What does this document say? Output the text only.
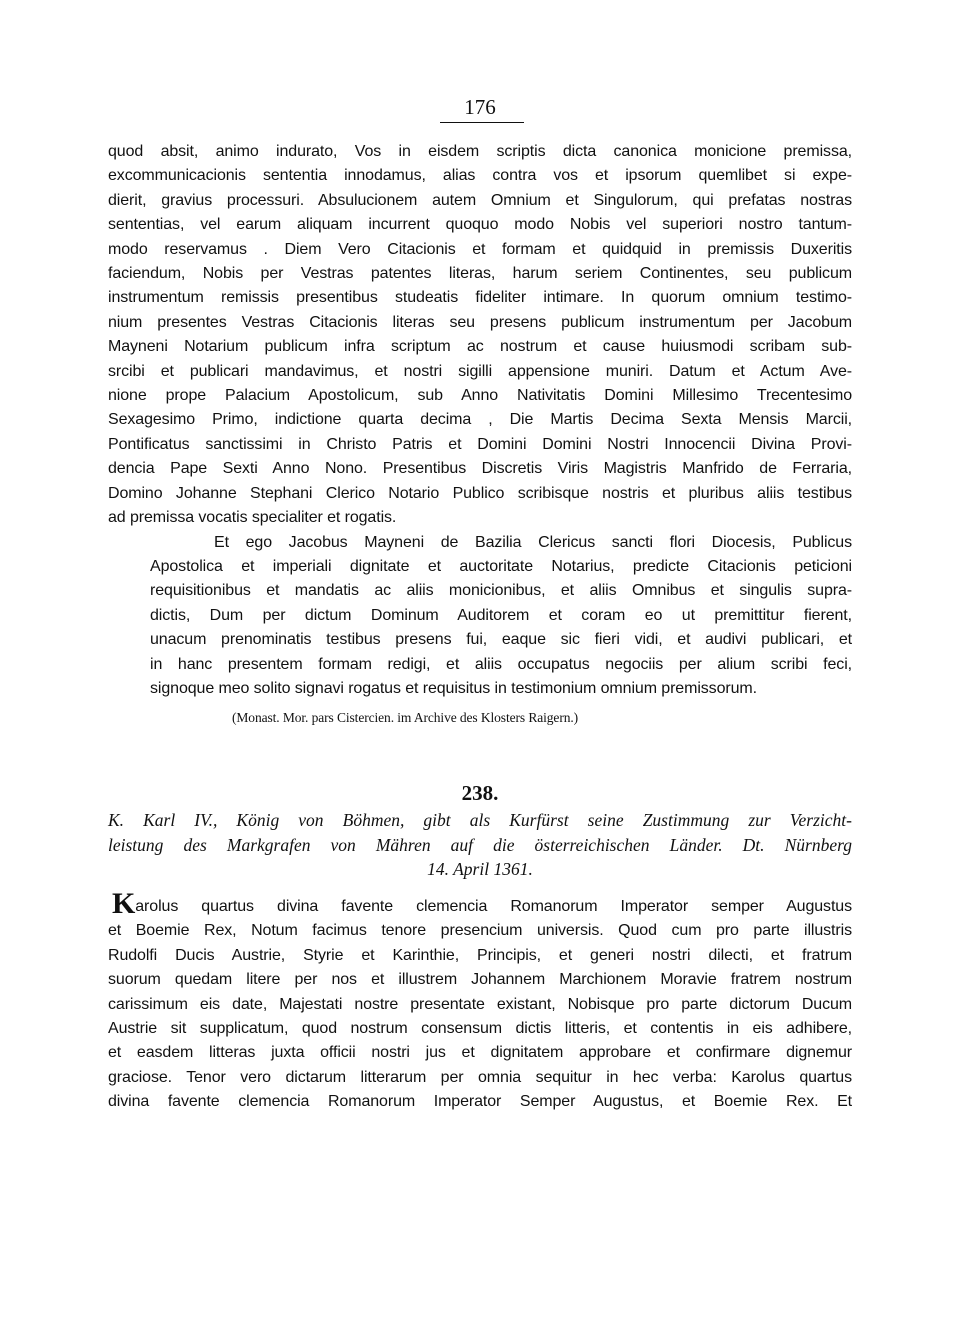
176
quod absit, animo indurato, Vos in eisdem scriptis dicta canonica monicione premissa,
excommunicacionis sententia innodamus, alias contra vos et ipsorum quemlibet si expe-
dierit, gravius processuri. Absulucionem autem Omnium et Singulorum, qui prefatas nostras
sententias, vel earum aliquam incurrent quoquo modo Nobis vel superiori nostro tantum-
modo reservamus . Diem Vero Citacionis et formam et quidquid in premissis Duxeritis
faciendum, Nobis per Vestras patentes literas, harum seriem Continentes, seu publicum
instrumentum remissis presentibus studeatis fideliter intimare. In quorum omnium testimo-
nium presentes Vestras Citacionis literas seu presens publicum instrumentum per Jacobum
Mayneni Notarium publicum infra scriptum ac nostrum et cause huiusmodi scribam sub-
srcibi et publicari mandavimus, et nostri sigilli appensione muniri. Datum et Actum Ave-
nione prope Palacium Apostolicum, sub Anno Nativitatis Domini Millesimo Trecentesimo
Sexagesimo Primo, indictione quarta decima , Die Martis Decima Sexta Mensis Marcii,
Pontificatus sanctissimi in Christo Patris et Domini Domini Nostri Innocencii Divina Provi-
dencia Pape Sexti Anno Nono. Presentibus Discretis Viris Magistris Manfrido de Ferraria,
Domino Johanne Stephani Clerico Notario Publico scribisque nostris et pluribus aliis testibus
ad premissa vocatis specialiter et rogatis.
Et ego Jacobus Mayneni de Bazilia Clericus sancti flori Diocesis, Publicus
Apostolica et imperiali dignitate et auctoritate Notarius, predicte Citacionis peticioni
requisitionibus et mandatis ac aliis monicionibus, et aliis Omnibus et singulis supra-
dictis, Dum per dictum Dominum Auditorem et coram eo ut premittitur fierent,
unacum prenominatis testibus presens fui, eaque sic fieri vidi, et audivi publicari, et
in hanc presentem formam redigi, et aliis occupatus negociis per alium scribi feci,
signoque meo solito signavi rogatus et requisitus in testimonium omnium premissorum.
(Monast. Mor. pars Cistercien. im Archive des Klosters Raigern.)
238.
K. Karl IV., König von Böhmen, gibt als Kurfürst seine Zustimmung zur Verzicht-
leistung des Markgrafen von Mähren auf die österreichischen Länder. Dt. Nürnberg
14. April 1361.
Karolus quartus divina favente clemencia Romanorum Imperator semper Augustus
et Boemie Rex, Notum facimus tenore presencium universis. Quod cum pro parte illustris
Rudolfi Ducis Austrie, Styrie et Karinthie, Principis, et generi nostri dilecti, et fratrum
suorum quedam litere per nos et illustrem Johannem Marchionem Moravie fratrem nostrum
carissimum eis date, Majestati nostre presentate existant, Nobisque pro parte dictorum Ducum
Austrie sit supplicatum, quod nostrum consensum dictis litteris, et contentis in eis adhibere,
et easdem litteras juxta officii nostri jus et dignitatem approbare et confirmare dignemur
graciose. Tenor vero dictarum litterarum per omnia sequitur in hec verba: Karolus quartus
divina favente clemencia Romanorum Imperator Semper Augustus, et Boemie Rex. Et
